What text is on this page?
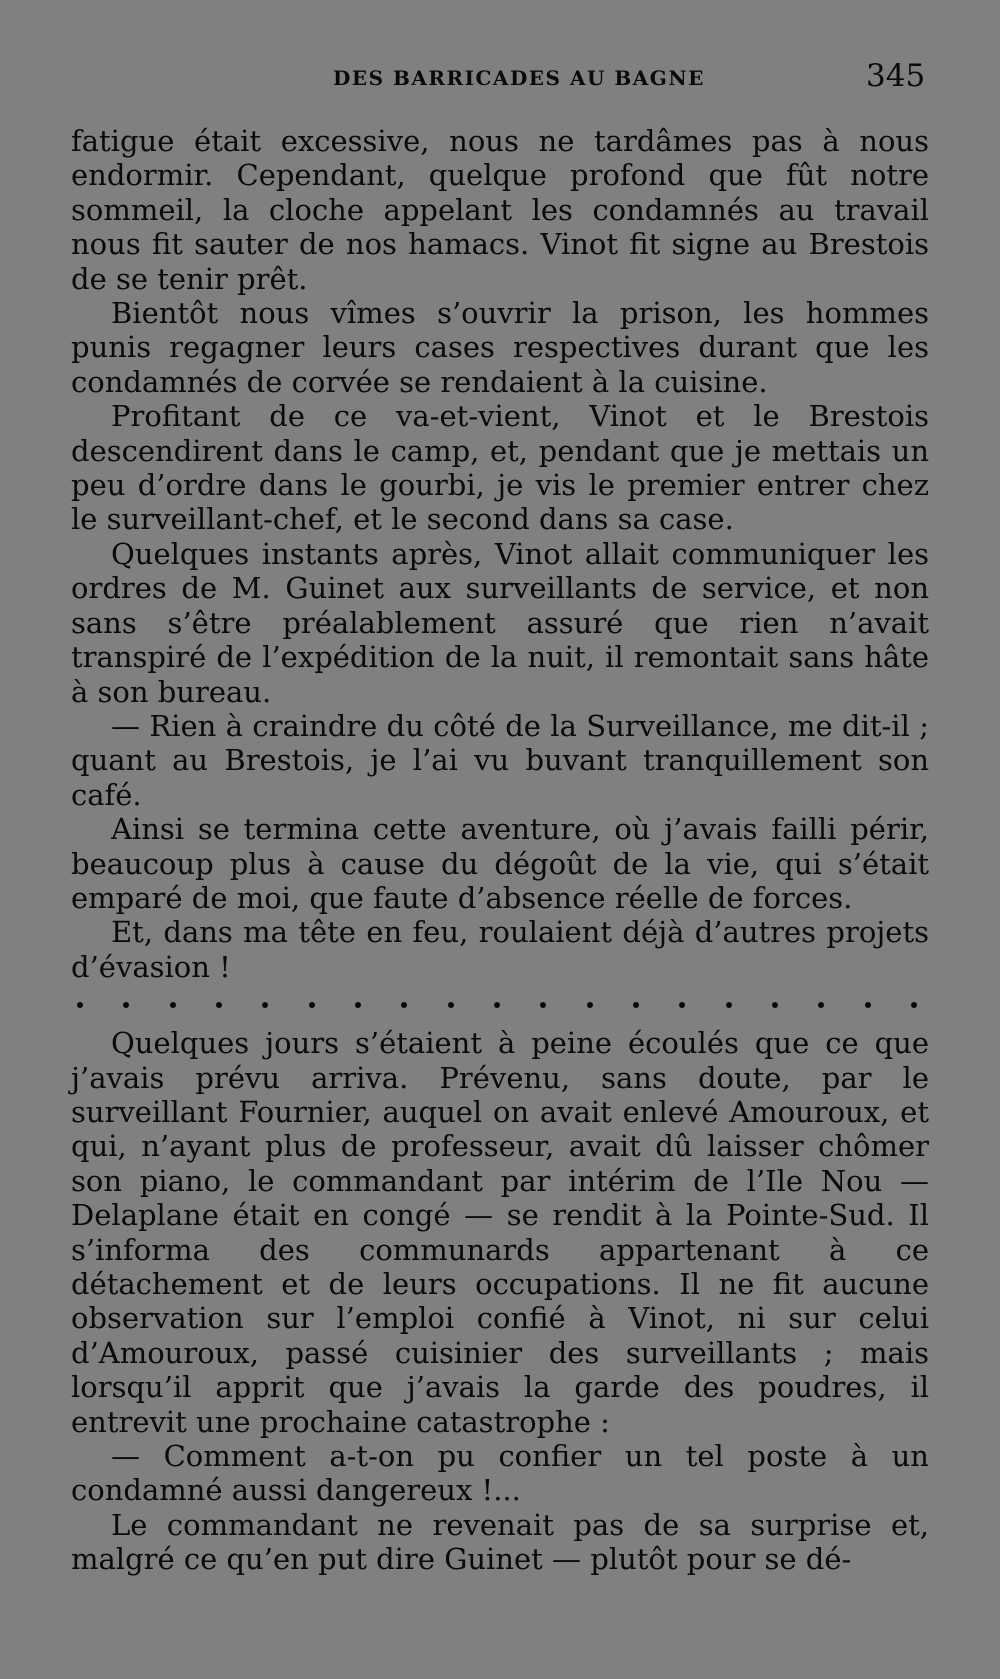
DES BARRICADES AU BAGNE	345

fatigue était excessive, nous ne tardâmes pas à nous endormir. Cependant, quelque profond que fût notre sommeil, la cloche appelant les condamnés au travail nous fit sauter de nos hamacs. Vinot fit signe au Brestois de se tenir prêt.

Bientôt nous vîmes s’ouvrir la prison, les hommes punis regagner leurs cases respectives durant que les condamnés de corvée se rendaient à la cuisine.

Profitant de ce va-et-vient, Vinot et le Brestois descendirent dans le camp, et, pendant que je mettais un peu d’ordre dans le gourbi, je vis le premier entrer chez le surveillant-chef, et le second dans sa case.

Quelques instants après, Vinot allait communiquer les ordres de M. Guinet aux surveillants de service, et non sans s’être préalablement assuré que rien n’avait transpiré de l’expédition de la nuit, il remontait sans hâte à son bureau.

— Rien à craindre du côté de la Surveillance, me dit-il ; quant au Brestois, je l’ai vu buvant tranquillement son café.

Ainsi se termina cette aventure, où j’avais failli périr, beaucoup plus à cause du dégoût de la vie, qui s’était emparé de moi, que faute d’absence réelle de forces.

Et, dans ma tête en feu, roulaient déjà d’autres projets d’évasion !

Quelques jours s’étaient à peine écoulés que ce que j’avais prévu arriva. Prévenu, sans doute, par le surveillant Fournier, auquel on avait enlevé Amouroux, et qui, n’ayant plus de professeur, avait dû laisser chômer son piano, le commandant par intérim de l’Ile Nou — Delaplane était en congé — se rendit à la Pointe-Sud. Il s’informa des communards appartenant à ce détachement et de leurs occupations. Il ne fit aucune observation sur l’emploi confié à Vinot, ni sur celui d’Amouroux, passé cuisinier des surveillants ; mais lorsqu’il apprit que j’avais la garde des poudres, il entrevit une prochaine catastrophe :

— Comment a-t-on pu confier un tel poste à un condamné aussi dangereux !...

Le commandant ne revenait pas de sa surprise et, malgré ce qu’en put dire Guinet — plutôt pour se dé-
